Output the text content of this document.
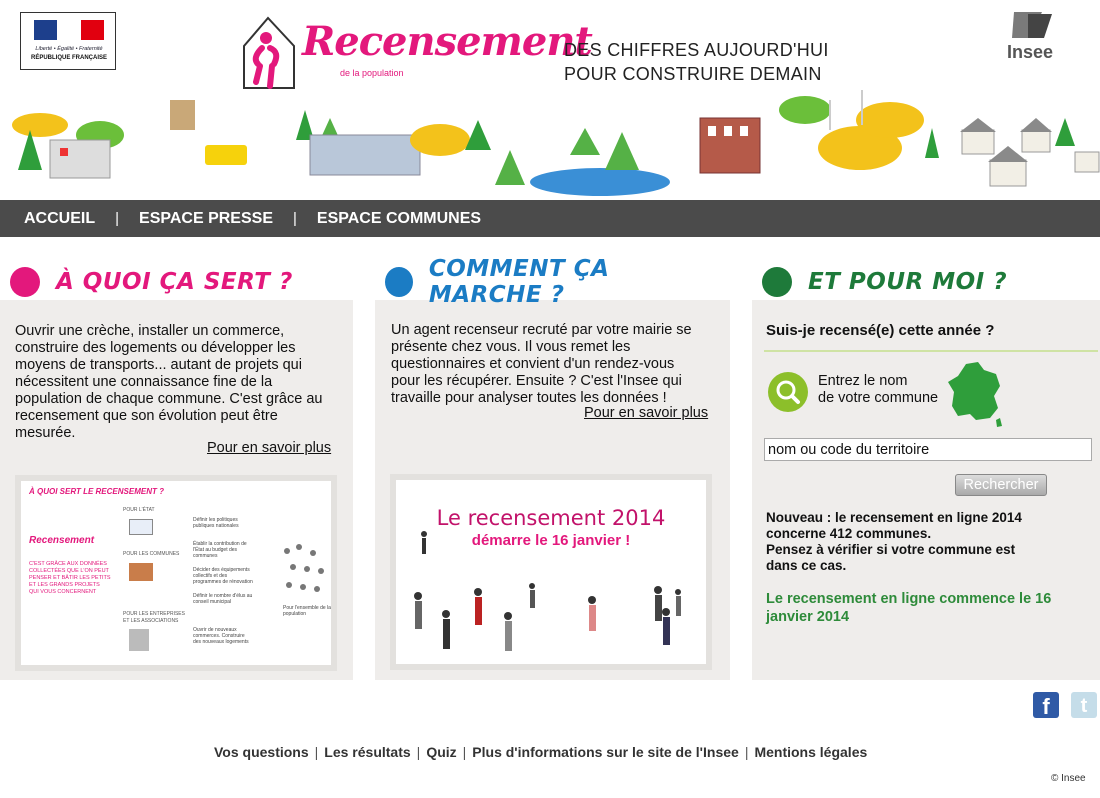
Liberté • Égalité • Fraternité
RÉPUBLIQUE FRANÇAISE	Recensement
de la population
DES CHIFFRES AUJOURD'HUI
POUR CONSTRUIRE DEMAIN
Insee
ACCUEIL | ESPACE PRESSE | ESPACE COMMUNES
À QUOI ÇA SERT ?
Ouvrir une crèche, installer un commerce,
construire des logements ou développer les
moyens de transports... autant de projets qui
nécessitent une connaissance fine de la
population de chaque commune. C'est grâce au
recensement que son évolution peut être
mesurée.
Pour en savoir plus
À QUOI SERT LE RECENSEMENT ?
Recensement
C'EST GRÂCE AUX DONNÉES
COLLECTÉES QUE L'ON PEUT
PENSER ET BÂTIR LES PETITS
ET LES GRANDS PROJETS
QUI VOUS CONCERNENT
POUR L'ÉTAT
POUR LES COMMUNES
POUR LES ENTREPRISES
ET LES ASSOCIATIONS
Définir les politiques publiques nationales
Établir la contribution de l'État au budget des communes
Décider des équipements collectifs et des programmes de rénovation
Définir le nombre d'élus au conseil municipal
Ouvrir de nouveaux commerces. Construire des nouveaux logements
Pour l'ensemble de la population
COMMENT ÇA MARCHE ?
Un agent recenseur recruté par votre mairie se
présente chez vous. Il vous remet les
questionnaires et convient d'un rendez-vous
pour les récupérer. Ensuite ? C'est l'Insee qui
travaille pour analyser toutes les données !
Pour en savoir plus
Le recensement 2014
démarre le 16 janvier !
ET POUR MOI ?
Suis-je recensé(e) cette année ?
Entrez le nom
de votre commune
nom ou code du territoire
Rechercher
Nouveau : le recensement en ligne 2014
concerne 412 communes.
Pensez à vérifier si votre commune est
dans ce cas.
Le recensement en ligne commence le 16 janvier 2014
f	t
Vos questions | Les résultats | Quiz | Plus d'informations sur le site de l'Insee | Mentions légales
© Insee
